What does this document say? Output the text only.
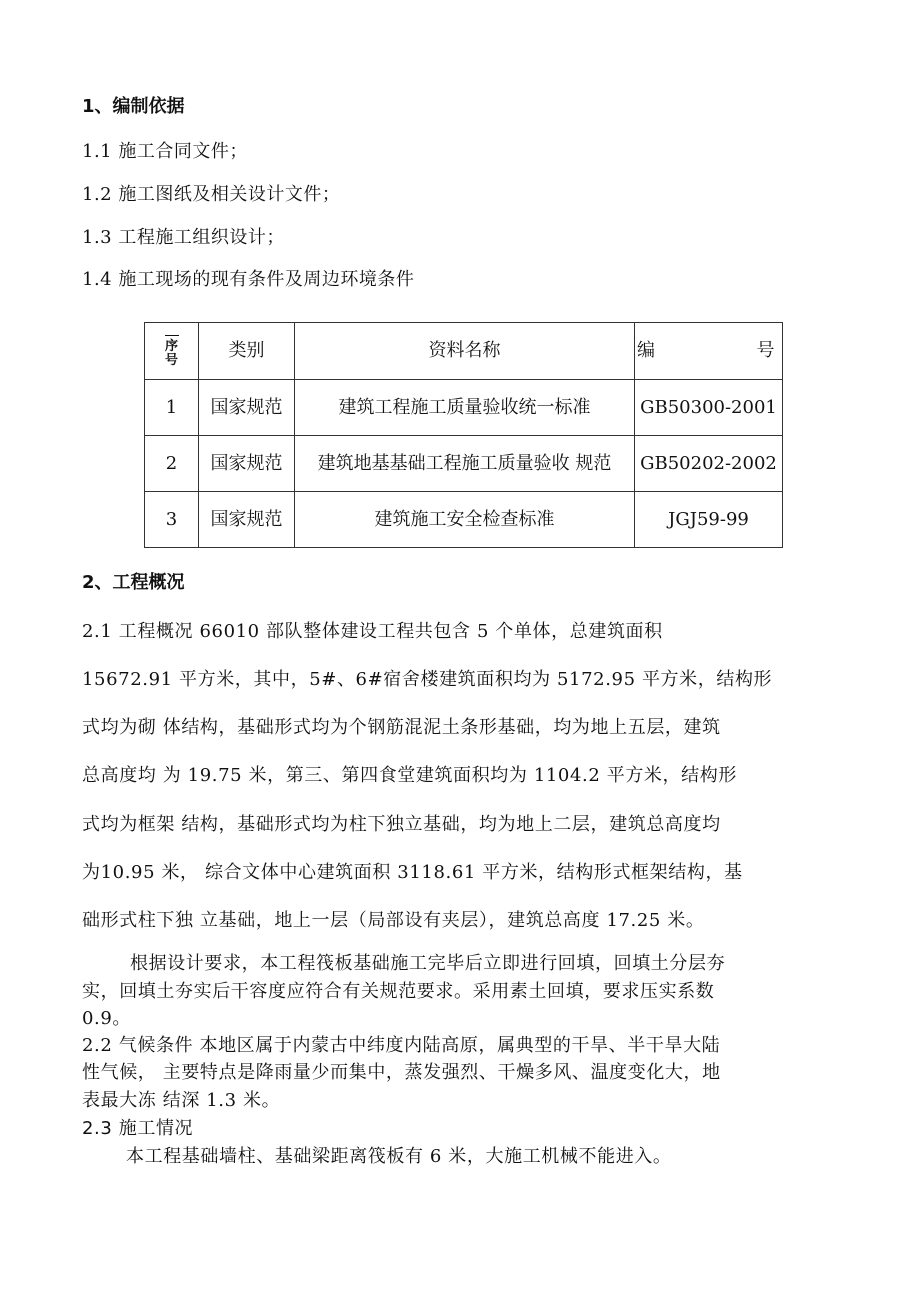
1、编制依据
1.1 施工合同文件；
1.2 施工图纸及相关设计文件；
1.3 工程施工组织设计；
1.4 施工现场的现有条件及周边环境条件
序号	类别	资料名称	编  号
1	国家规范	建筑工程施工质量验收统一标准	GB50300-2001
2	国家规范	建筑地基基础工程施工质量验收 规范	GB50202-2002
3	国家规范	建筑施工安全检查标准	JGJ59-99
2、工程概况
2.1 工程概况 66010 部队整体建设工程共包含 5 个单体，总建筑面积
15672.91 平方米，其中，5#、6#宿舍楼建筑面积均为 5172.95 平方米，结构形
式均为砌 体结构，基础形式均为个钢筋混泥土条形基础，均为地上五层，建筑
总高度均 为 19.75 米，第三、第四食堂建筑面积均为 1104.2 平方米，结构形
式均为框架 结构，基础形式均为柱下独立基础，均为地上二层，建筑总高度均
为10.95 米， 综合文体中心建筑面积 3118.61 平方米，结构形式框架结构，基
础形式柱下独 立基础，地上一层（局部设有夹层），建筑总高度 17.25 米。
根据设计要求，本工程筏板基础施工完毕后立即进行回填，回填土分层夯
实，回填土夯实后干容度应符合有关规范要求。采用素土回填，要求压实系数
0.9。
2.2 气候条件 本地区属于内蒙古中纬度内陆高原，属典型的干旱、半干旱大陆
性气候， 主要特点是降雨量少而集中，蒸发强烈、干燥多风、温度变化大，地
表最大冻 结深 1.3 米。
2.3 施工情况
本工程基础墙柱、基础梁距离筏板有 6 米，大施工机械不能进入。
